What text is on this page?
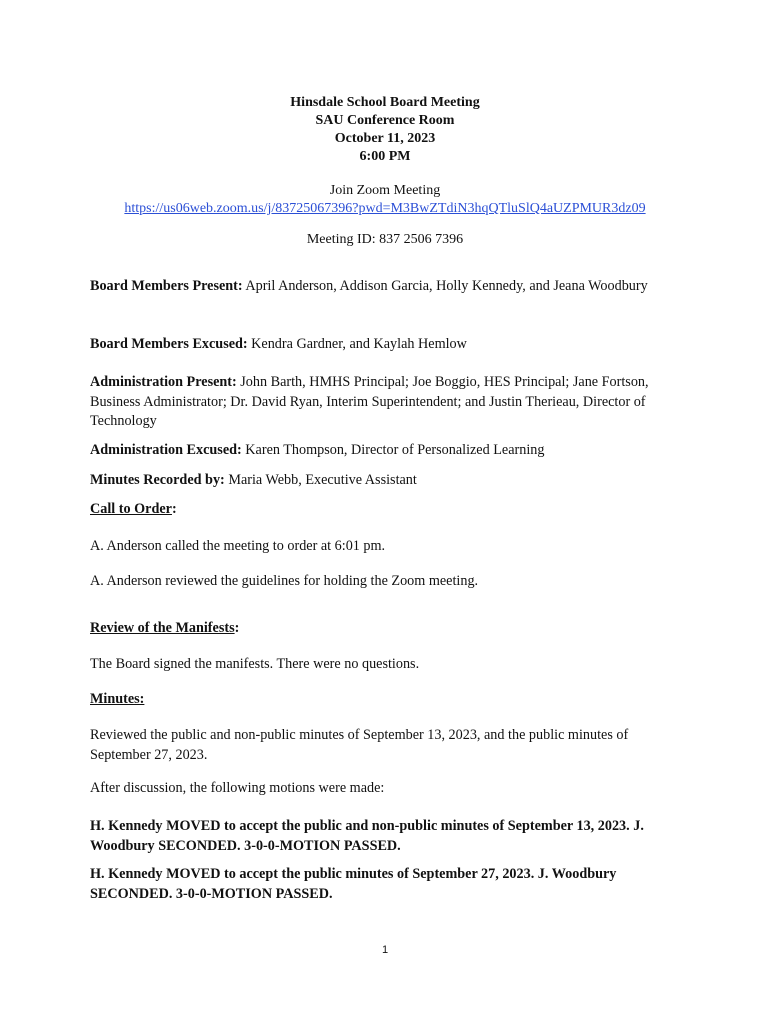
Hinsdale School Board Meeting
SAU Conference Room
October 11, 2023
6:00 PM
Join Zoom Meeting
https://us06web.zoom.us/j/83725067396?pwd=M3BwZTdiN3hqQTluSlQ4aUZPMUR3dz09
Meeting ID: 837 2506 7396
Board Members Present: April Anderson, Addison Garcia, Holly Kennedy, and Jeana Woodbury
Board Members Excused: Kendra Gardner, and Kaylah Hemlow
Administration Present: John Barth, HMHS Principal; Joe Boggio, HES Principal; Jane Fortson, Business Administrator; Dr. David Ryan, Interim Superintendent; and Justin Therieau, Director of Technology
Administration Excused: Karen Thompson, Director of Personalized Learning
Minutes Recorded by: Maria Webb, Executive Assistant
Call to Order:
A. Anderson called the meeting to order at 6:01 pm.
A. Anderson reviewed the guidelines for holding the Zoom meeting.
Review of the Manifests:
The Board signed the manifests. There were no questions.
Minutes:
Reviewed the public and non-public minutes of September 13, 2023, and the public minutes of September 27, 2023.
After discussion, the following motions were made:
H. Kennedy MOVED to accept the public and non-public minutes of September 13, 2023. J. Woodbury SECONDED. 3-0-0-MOTION PASSED.
H. Kennedy MOVED to accept the public minutes of September 27, 2023. J. Woodbury SECONDED. 3-0-0-MOTION PASSED.
1
